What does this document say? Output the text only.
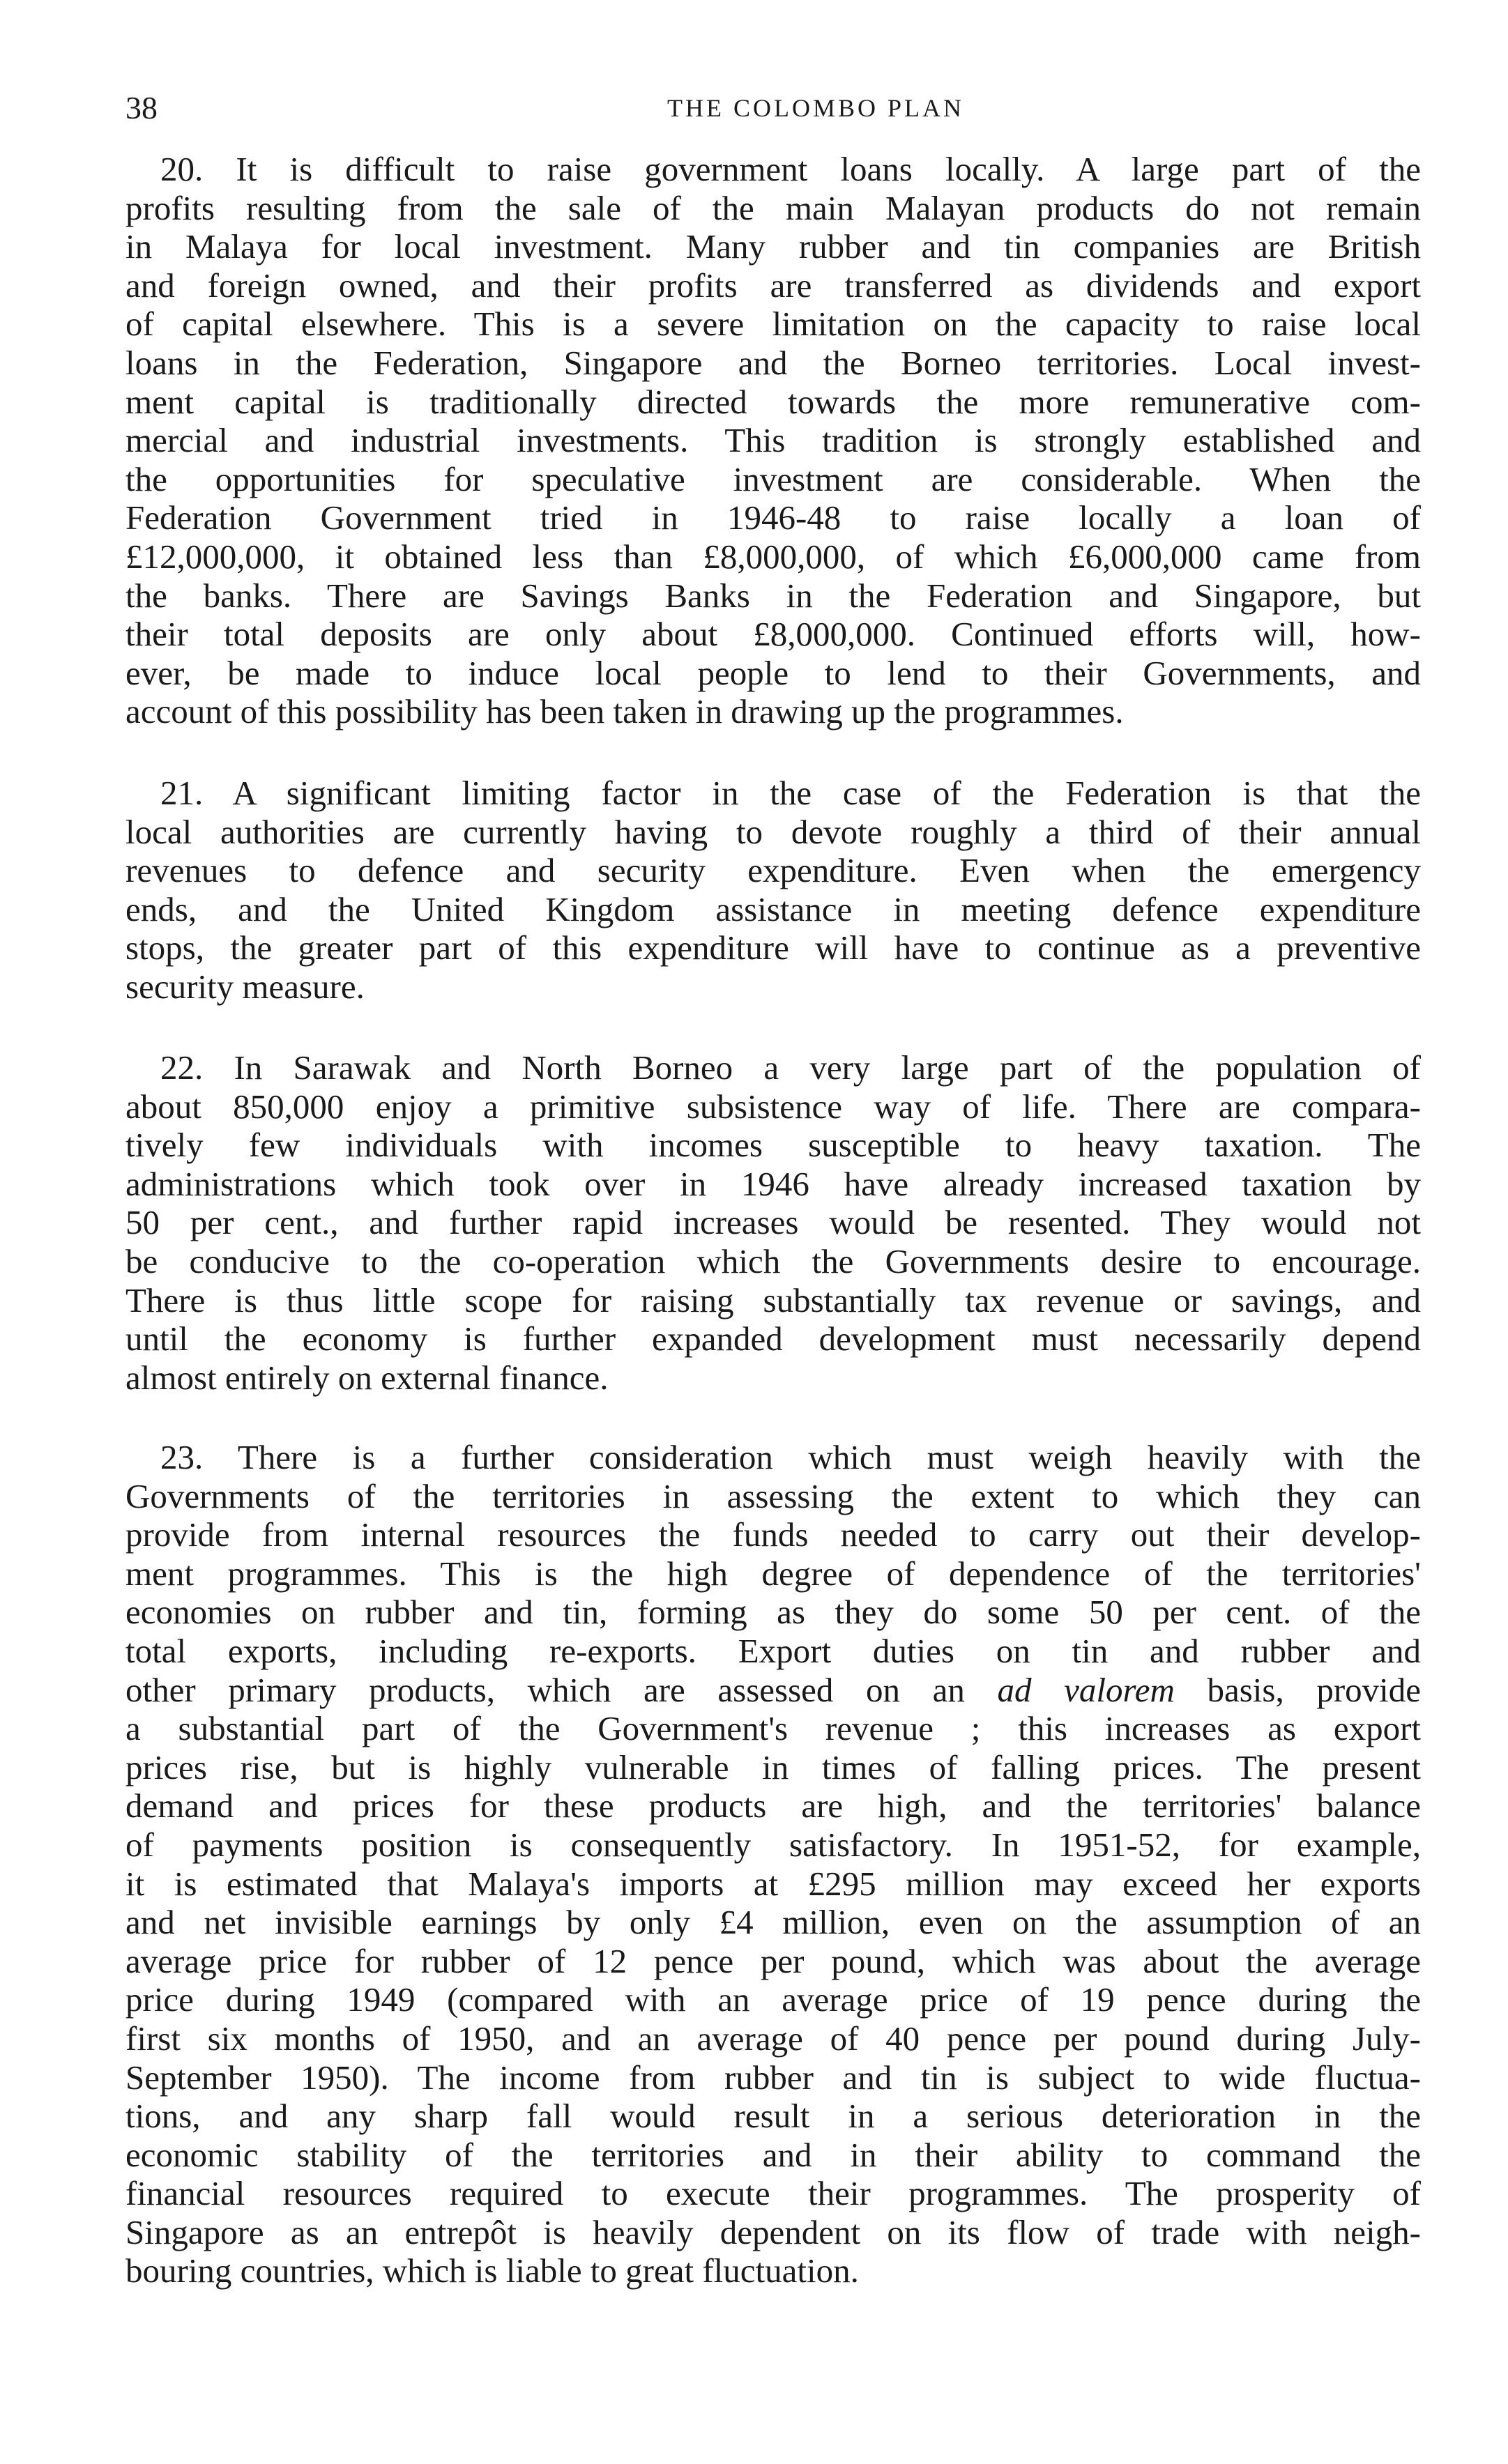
38	THE COLOMBO PLAN
20. It is difficult to raise government loans locally. A large part of the
profits resulting from the sale of the main Malayan products do not remain
in Malaya for local investment. Many rubber and tin companies are British
and foreign owned, and their profits are transferred as dividends and export
of capital elsewhere. This is a severe limitation on the capacity to raise local
loans in the Federation, Singapore and the Borneo territories. Local invest-
ment capital is traditionally directed towards the more remunerative com-
mercial and industrial investments. This tradition is strongly established and
the opportunities for speculative investment are considerable. When the
Federation Government tried in 1946-48 to raise locally a loan of
£12,000,000, it obtained less than £8,000,000, of which £6,000,000 came from
the banks. There are Savings Banks in the Federation and Singapore, but
their total deposits are only about £8,000,000. Continued efforts will, how-
ever, be made to induce local people to lend to their Governments, and
account of this possibility has been taken in drawing up the programmes.
21. A significant limiting factor in the case of the Federation is that the
local authorities are currently having to devote roughly a third of their annual
revenues to defence and security expenditure. Even when the emergency
ends, and the United Kingdom assistance in meeting defence expenditure
stops, the greater part of this expenditure will have to continue as a preventive
security measure.
22. In Sarawak and North Borneo a very large part of the population of
about 850,000 enjoy a primitive subsistence way of life. There are compara-
tively few individuals with incomes susceptible to heavy taxation. The
administrations which took over in 1946 have already increased taxation by
50 per cent., and further rapid increases would be resented. They would not
be conducive to the co-operation which the Governments desire to encourage.
There is thus little scope for raising substantially tax revenue or savings, and
until the economy is further expanded development must necessarily depend
almost entirely on external finance.
23. There is a further consideration which must weigh heavily with the
Governments of the territories in assessing the extent to which they can
provide from internal resources the funds needed to carry out their develop-
ment programmes. This is the high degree of dependence of the territories'
economies on rubber and tin, forming as they do some 50 per cent. of the
total exports, including re-exports. Export duties on tin and rubber and
other primary products, which are assessed on an ad valorem basis, provide
a substantial part of the Government's revenue ; this increases as export
prices rise, but is highly vulnerable in times of falling prices. The present
demand and prices for these products are high, and the territories' balance
of payments position is consequently satisfactory. In 1951-52, for example,
it is estimated that Malaya's imports at £295 million may exceed her exports
and net invisible earnings by only £4 million, even on the assumption of an
average price for rubber of 12 pence per pound, which was about the average
price during 1949 (compared with an average price of 19 pence during the
first six months of 1950, and an average of 40 pence per pound during July-
September 1950). The income from rubber and tin is subject to wide fluctua-
tions, and any sharp fall would result in a serious deterioration in the
economic stability of the territories and in their ability to command the
financial resources required to execute their programmes. The prosperity of
Singapore as an entrepôt is heavily dependent on its flow of trade with neigh-
bouring countries, which is liable to great fluctuation.
